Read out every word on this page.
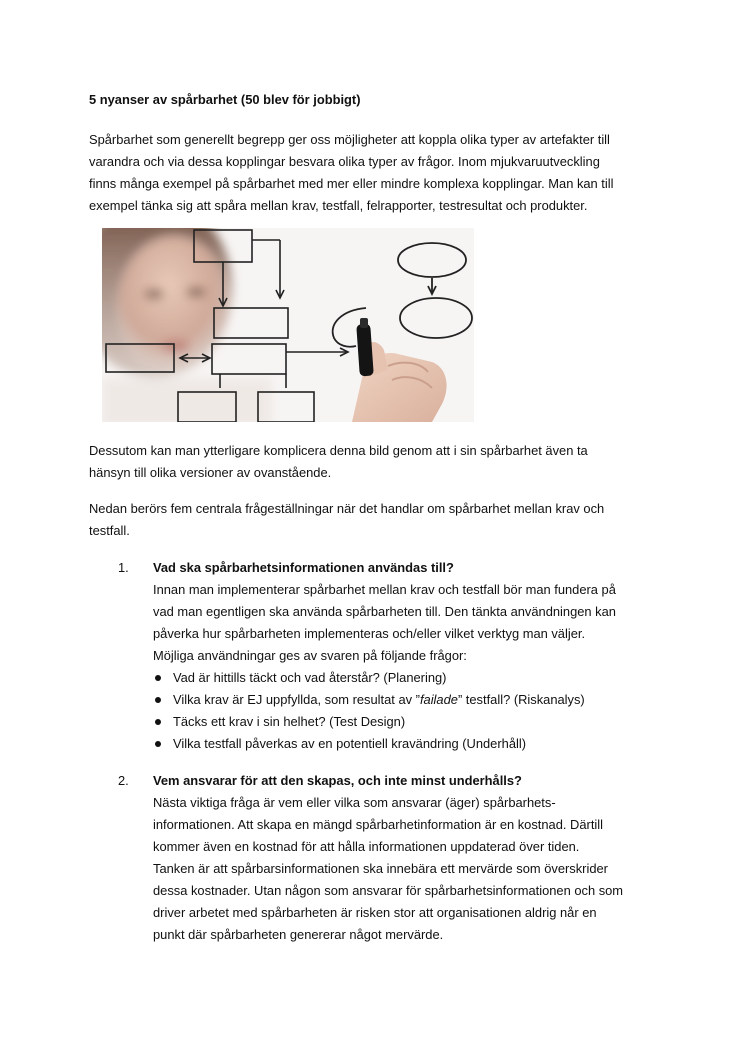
5 nyanser av spårbarhet (50 blev för jobbigt)
Spårbarhet som generellt begrepp ger oss möjligheter att koppla olika typer av artefakter till
varandra och via dessa kopplingar besvara olika typer av frågor. Inom mjukvaruutveckling
finns många exempel på spårbarhet med mer eller mindre komplexa kopplingar. Man kan till
exempel tänka sig att spåra mellan krav, testfall, felrapporter, testresultat och produkter.
Dessutom kan man ytterligare komplicera denna bild genom att i sin spårbarhet även ta
hänsyn till olika versioner av ovanstående.
Nedan berörs fem centrala frågeställningar när det handlar om spårbarhet mellan krav och
testfall.
1. Vad ska spårbarhetsinformationen användas till?
Innan man implementerar spårbarhet mellan krav och testfall bör man fundera på
vad man egentligen ska använda spårbarheten till. Den tänkta användningen kan
påverka hur spårbarheten implementeras och/eller vilket verktyg man väljer.
Möjliga användningar ges av svaren på följande frågor:
Vad är hittills täckt och vad återstår? (Planering)
Vilka krav är EJ uppfyllda, som resultat av ”failade” testfall? (Riskanalys)
Täcks ett krav i sin helhet? (Test Design)
Vilka testfall påverkas av en potentiell kravändring (Underhåll)
2. Vem ansvarar för att den skapas, och inte minst underhålls?
Nästa viktiga fråga är vem eller vilka som ansvarar (äger) spårbarhets-
informationen. Att skapa en mängd spårbarhetinformation är en kostnad. Därtill
kommer även en kostnad för att hålla informationen uppdaterad över tiden.
Tanken är att spårbarsinformationen ska innebära ett mervärde som överskrider
dessa kostnader. Utan någon som ansvarar för spårbarhetsinformationen och som
driver arbetet med spårbarheten är risken stor att organisationen aldrig når en
punkt där spårbarheten genererar något mervärde.
